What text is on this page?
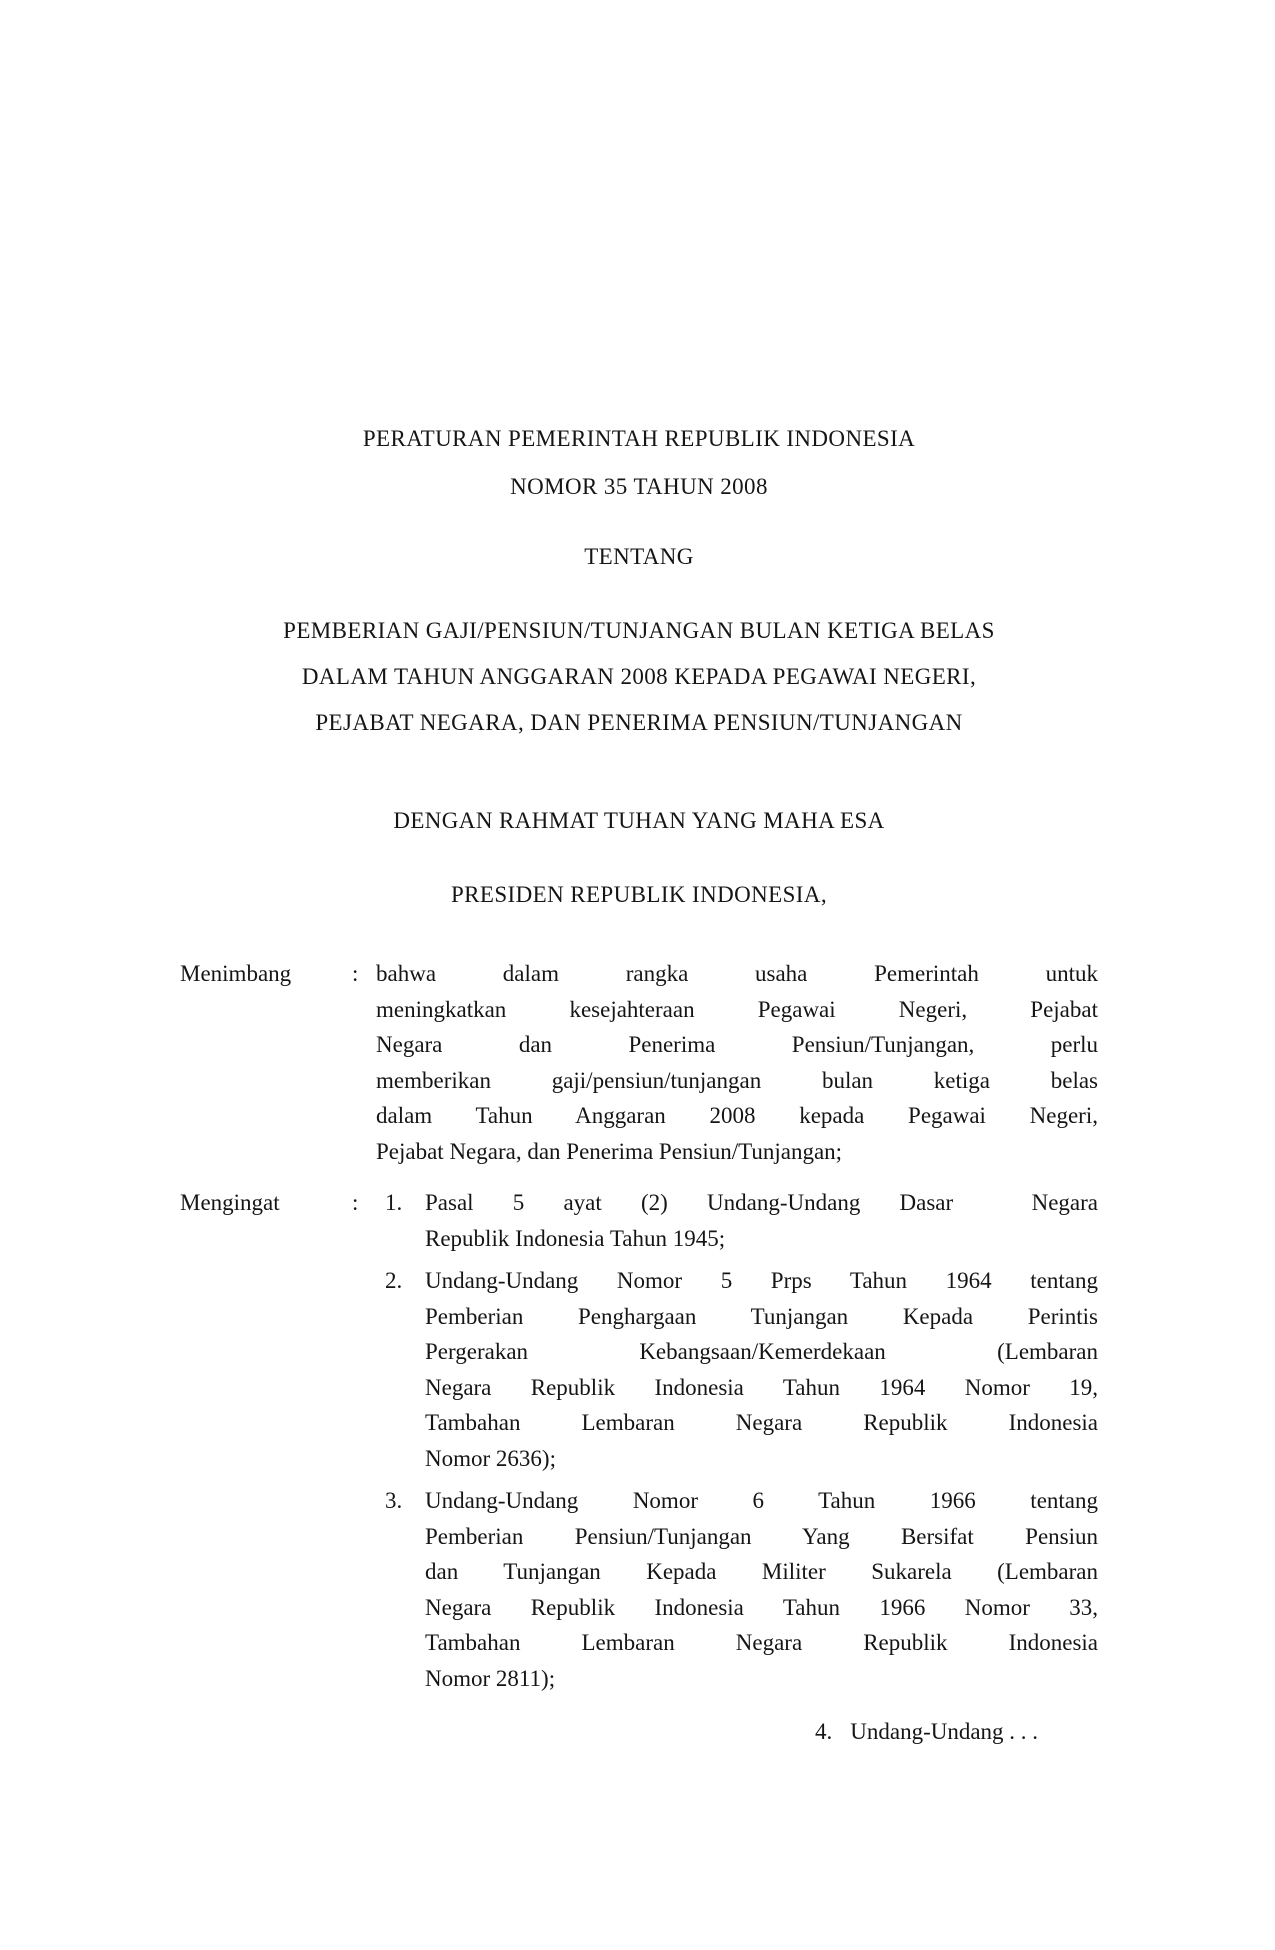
PERATURAN PEMERINTAH REPUBLIK INDONESIA
NOMOR 35 TAHUN 2008
TENTANG
PEMBERIAN GAJI/PENSIUN/TUNJANGAN BULAN KETIGA BELAS
DALAM TAHUN ANGGARAN 2008 KEPADA PEGAWAI NEGERI,
PEJABAT NEGARA, DAN PENERIMA PENSIUN/TUNJANGAN
DENGAN RAHMAT TUHAN YANG MAHA ESA
PRESIDEN REPUBLIK INDONESIA,
Menimbang	: bahwa dalam rangka usaha Pemerintah untuk
meningkatkan kesejahteraan Pegawai Negeri, Pejabat
Negara dan Penerima Pensiun/Tunjangan, perlu
memberikan gaji/pensiun/tunjangan bulan ketiga belas
dalam Tahun Anggaran 2008 kepada Pegawai Negeri,
Pejabat Negara, dan Penerima Pensiun/Tunjangan;
Mengingat	: 1. Pasal 5 ayat (2) Undang-Undang Dasar  Negara
Republik Indonesia Tahun 1945;
2. Undang-Undang Nomor 5 Prps Tahun 1964 tentang
Pemberian Penghargaan Tunjangan Kepada Perintis
Pergerakan Kebangsaan/Kemerdekaan (Lembaran
Negara Republik Indonesia Tahun 1964 Nomor 19,
Tambahan Lembaran Negara Republik Indonesia
Nomor 2636);
3. Undang-Undang Nomor 6 Tahun 1966 tentang
Pemberian Pensiun/Tunjangan Yang Bersifat Pensiun
dan Tunjangan Kepada Militer Sukarela (Lembaran
Negara Republik Indonesia Tahun 1966 Nomor 33,
Tambahan Lembaran Negara Republik Indonesia
Nomor 2811);
4. Undang-Undang . . .
